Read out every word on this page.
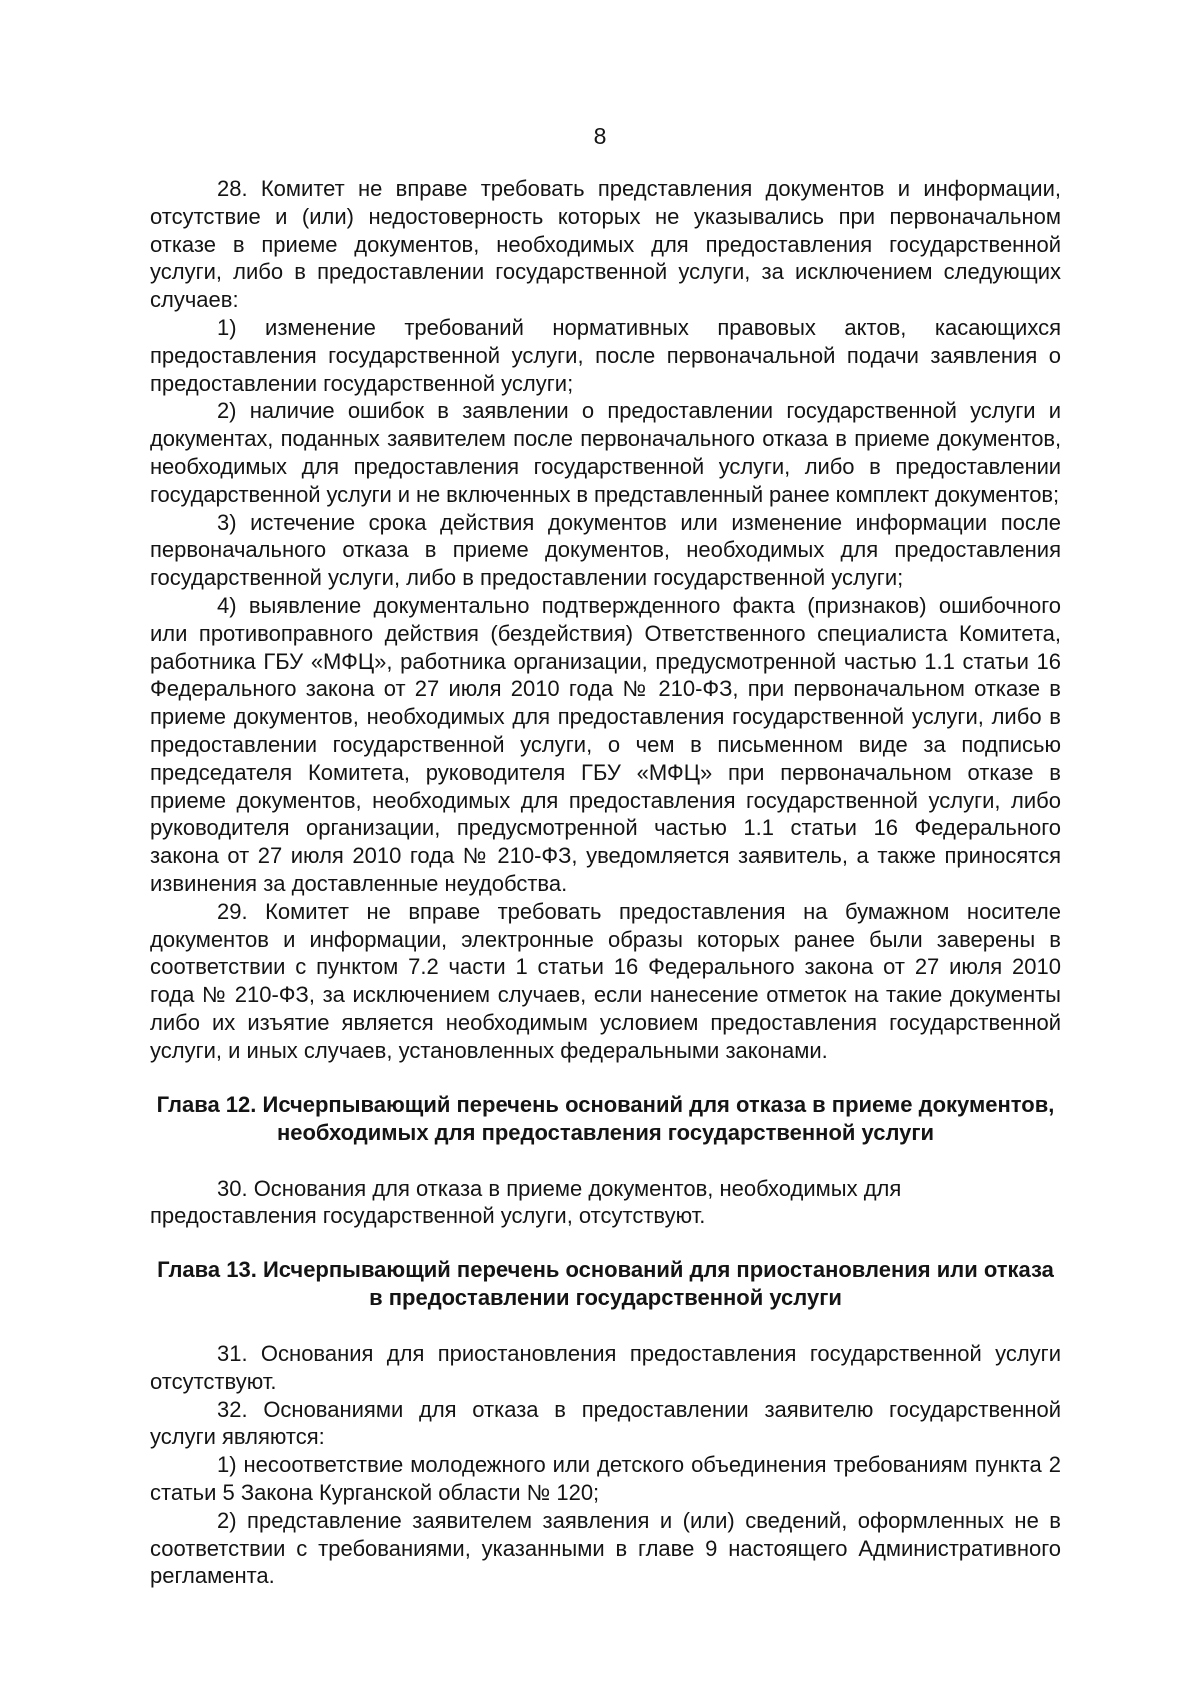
8

28. Комитет не вправе требовать представления документов и информации, отсутствие и (или) недостоверность которых не указывались при первоначальном отказе в приеме документов, необходимых для предоставления государственной услуги, либо в предоставлении государственной услуги, за исключением следующих случаев:

1) изменение требований нормативных правовых актов, касающихся предоставления государственной услуги, после первоначальной подачи заявления о предоставлении государственной услуги;

2) наличие ошибок в заявлении о предоставлении государственной услуги и документах, поданных заявителем после первоначального отказа в приеме документов, необходимых для предоставления государственной услуги, либо в предоставлении государственной услуги и не включенных в представленный ранее комплект документов;

3) истечение срока действия документов или изменение информации после первоначального отказа в приеме документов, необходимых для предоставления государственной услуги, либо в предоставлении государственной услуги;

4) выявление документально подтвержденного факта (признаков) ошибочного или противоправного действия (бездействия) Ответственного специалиста Комитета, работника ГБУ «МФЦ», работника организации, предусмотренной частью 1.1 статьи 16 Федерального закона от 27 июля 2010 года № 210-ФЗ, при первоначальном отказе в приеме документов, необходимых для предоставления государственной услуги, либо в предоставлении государственной услуги, о чем в письменном виде за подписью председателя Комитета, руководителя ГБУ «МФЦ» при первоначальном отказе в приеме документов, необходимых для предоставления государственной услуги, либо руководителя организации, предусмотренной частью 1.1 статьи 16 Федерального закона от 27 июля 2010 года № 210-ФЗ, уведомляется заявитель, а также приносятся извинения за доставленные неудобства.

29. Комитет не вправе требовать предоставления на бумажном носителе документов и информации, электронные образы которых ранее были заверены в соответствии с пунктом 7.2 части 1 статьи 16 Федерального закона от 27 июля 2010 года № 210-ФЗ, за исключением случаев, если нанесение отметок на такие документы либо их изъятие является необходимым условием предоставления государственной услуги, и иных случаев, установленных федеральными законами.

Глава 12. Исчерпывающий перечень оснований для отказа в приеме документов,
необходимых для предоставления государственной услуги

30. Основания для отказа в приеме документов, необходимых для предоставления государственной услуги, отсутствуют.

Глава 13. Исчерпывающий перечень оснований для приостановления или отказа
в предоставлении государственной услуги

31. Основания для приостановления предоставления государственной услуги отсутствуют.

32. Основаниями для отказа в предоставлении заявителю государственной услуги являются:

1) несоответствие молодежного или детского объединения требованиям пункта 2 статьи 5 Закона Курганской области № 120;

2) представление заявителем заявления и (или) сведений, оформленных не в соответствии с требованиями, указанными в главе 9 настоящего Административного регламента.
